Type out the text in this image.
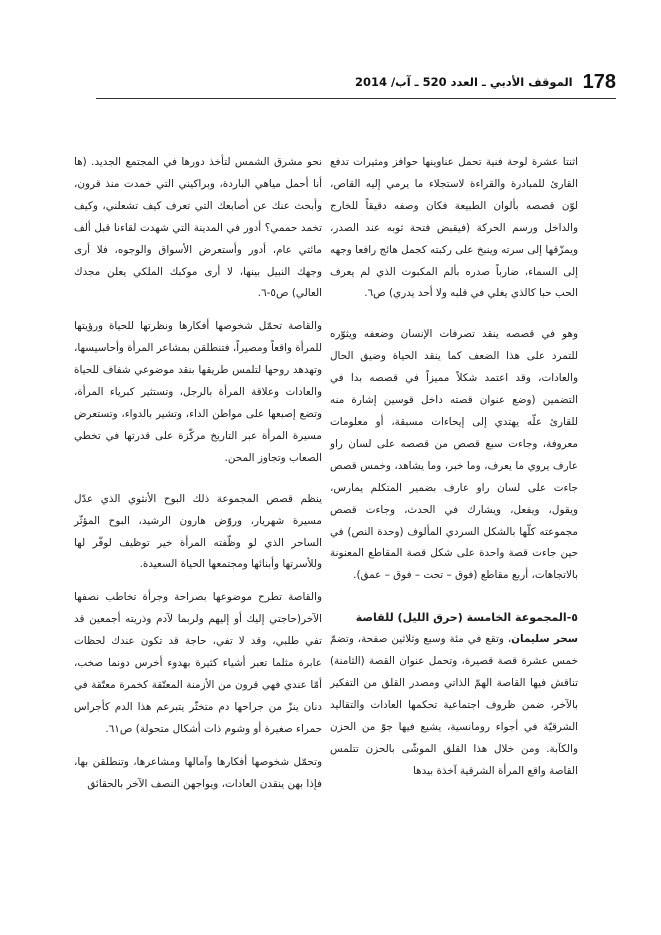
178
الموقف الأدبي ـ العدد 520 ـ آب/ 2014

اثنتا عشرة لوحة فنية تحمل عناوينها حوافز ومثيرات تدفع القارئ للمبادرة والقراءة لاستجلاء ما يرمي إليه القاص، لوّن قصصه بألوان الطبيعة فكان وصفه دقيقاً للخارج والداخل ورسم الحركة (فيقبض فتحة ثوبه عند الصدر، ويمزّقها إلى سرته وينبخ على ركبته كجمل هائج رافعا وجهه إلى السماء، ضارباً صدره بألم المكبوت الذي لم يعرف الحب حبا كالذي يغلي في قلبه ولا أحد يدري) ص٦.

وهو في قصصه ينقد تصرفات الإنسان وضعفه ويثوّره للتمرد على هذا الضعف كما ينقد الحياة وضيق الحال والعادات، وقد اعتمد شكلاً مميزاً في قصصه بدا في التضمين (وضع عنوان قصته داخل قوسين إشارة منه للقارئ علّه يهتدي إلى إيحاءات مسبقة، أو معلومات معروفة، وجاءت سبع قصص من قصصه على لسان راو عارف يروي ما يعرف، وما خبر، وما يشاهد، وخمس قصص جاءت على لسان راو عارف بضمير المتكلم يمارس، ويقول، ويفعل، ويشارك في الحدث، وجاءت قصص مجموعته كلّها بالشكل السردي المألوف (وحدة النص) في حين جاءت قصة واحدة على شكل قصة المقاطع المعنونة بالاتجاهات، أربع مقاطع (فوق – تحت – فوق – عمق).

٥-المجموعة الخامسة (حرق الليل) للقاصة

سحر سليمان، وتقع في مئة وسبع وثلاثين صفحة، وتضمّ خمس عشرة قصة قصيرة، وتحمل عنوان القصة (الثامنة) تناقش فيها القاصة الهمّ الذاتي ومصدر القلق من التفكير بالآخر، ضمن ظروف اجتماعية تحكمها العادات والتقاليد الشرقيّة في أجواء رومانسية، يشيع فيها جوّ من الحزن والكآبة. ومن خلال هذا القلق الموشّى بالحزن تتلمس القاصة واقع المرأة الشرقية آخذة بيدها

نحو مشرق الشمس لتأخذ دورها في المجتمع الجديد. (ها أنا أحمل مياهي الباردة، وبراكيني التي خمدت منذ قرون، وأبحث عنك عن أصابعك التي تعرف كيف تشعلني، وكيف تخمد حممي؟ أدور في المدينة التي شهدت لقاءنا قبل ألف مائتي عام، أدور وأستعرض الأسواق والوجوه، فلا أرى وجهك النبيل بينها، لا أرى موكبك الملكي يعلن مجدك العالي) ص٥-٦.

والقاصة تحمّل شخوصها أفكارها ونظرتها للحياة ورؤيتها للمرأة واقعاً ومصيراً، فتنطلقن بمشاعر المرأة وأحاسيسها، وتهدهد روحها لتلمس طريقها بنقد موضوعي شفاف للحياة والعادات وعلاقة المرأة بالرجل، وتستثير كبرياء المرأة، وتضع إصبعها على مواطن الداء، وتشير بالدواء، وتستعرض مسيرة المرأة عبر التاريخ مركّزة على قدرتها في تخطي الصعاب وتجاوز المحن.

ينظم قصص المجموعة ذلك البوح الأنثوي الذي عدّل مسيرة شهريار، وروّض هارون الرشيد، البوح المؤثّر الساحر الذي لو وظّفته المرأة خير توظيف لوفّر لها وللأسرتها وأبنائها ومجتمعها الحياة السعيدة.

والقاصة تطرح موضوعها بصراحة وجرأة تخاطب نصفها الآخر(حاجتي إليك أو إليهم ولربما لآدم وذريته أجمعين قد تفي طلبي، وقد لا تفي، حاجة قد تكون عندك لحظات عابرة مثلما تعبر أشياء كثيرة بهدوء أخرس دونما صخب، أمّا عندي فهي قرون من الأزمنة المعتّقة كخمرة معتّقة في دنان ينزّ من جراحها دم متخثّر يتبرعم هذا الدم كأجراس حمراء صغيرة أو وشوم ذات أشكال متحولة) ص٦١.

وتحمّل شخوصها أفكارها وآمالها ومشاعرها، وتنطلقن بها، فإذا بهن ينقدن العادات، ويواجهن النصف الآخر بالحقائق
